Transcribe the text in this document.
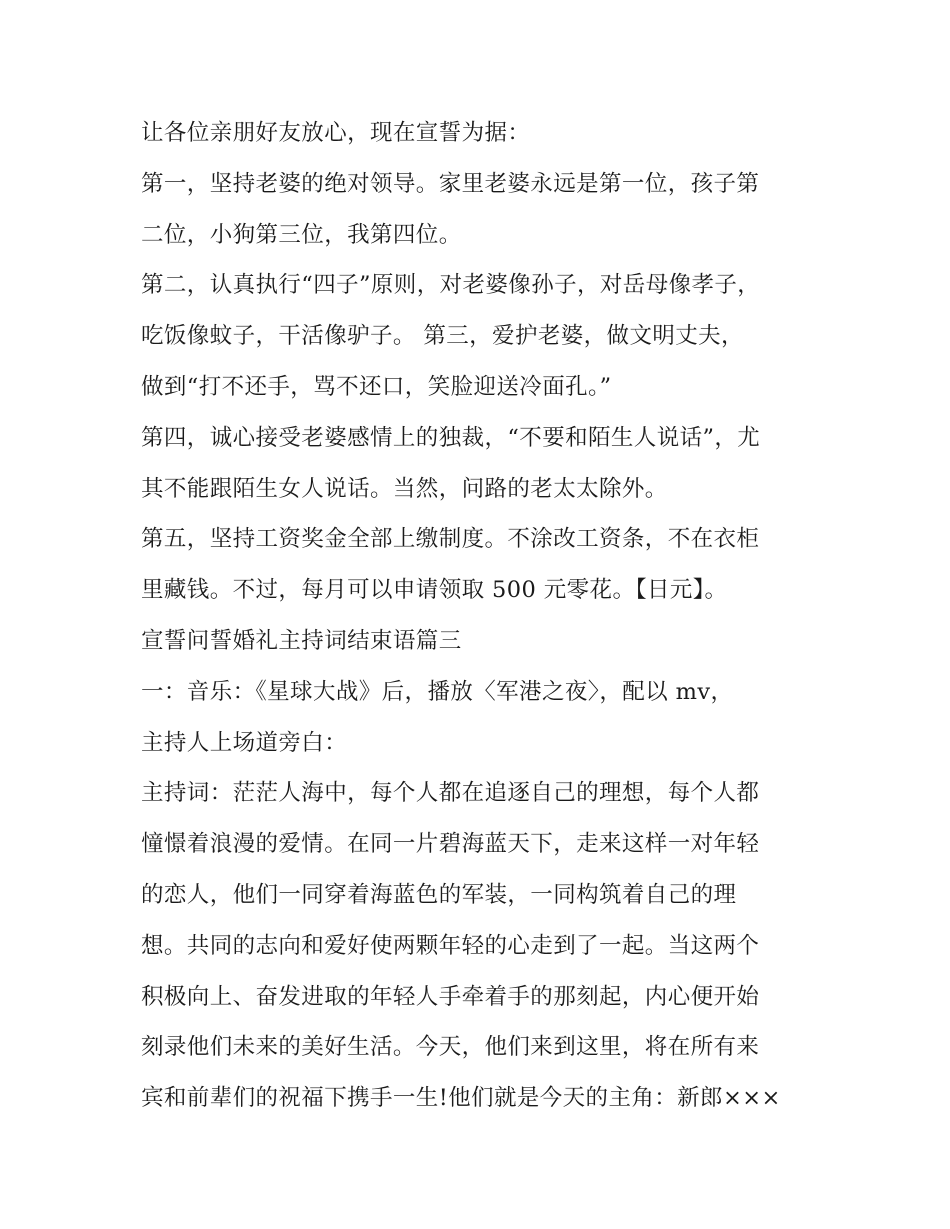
让各位亲朋好友放心，现在宣誓为据：
第一，坚持老婆的绝对领导。家里老婆永远是第一位，孩子第
二位，小狗第三位，我第四位。
第二，认真执行“四子”原则，对老婆像孙子，对岳母像孝子，
吃饭像蚊子，干活像驴子。 第三，爱护老婆，做文明丈夫，
做到“打不还手，骂不还口，笑脸迎送冷面孔。”
第四，诚心接受老婆感情上的独裁，“不要和陌生人说话”，尤
其不能跟陌生女人说话。当然，问路的老太太除外。
第五，坚持工资奖金全部上缴制度。不涂改工资条，不在衣柜
里藏钱。不过，每月可以申请领取 500 元零花。【日元】。
宣誓问誓婚礼主持词结束语篇三
一：音乐：《星球大战》后，播放〈军港之夜〉，配以 mv，
主持人上场道旁白：
主持词：茫茫人海中，每个人都在追逐自己的理想，每个人都
憧憬着浪漫的爱情。在同一片碧海蓝天下，走来这样一对年轻
的恋人，他们一同穿着海蓝色的军装，一同构筑着自己的理
想。共同的志向和爱好使两颗年轻的心走到了一起。当这两个
积极向上、奋发进取的年轻人手牵着手的那刻起，内心便开始
刻录他们未来的美好生活。今天，他们来到这里，将在所有来
宾和前辈们的祝福下携手一生!他们就是今天的主角：新郎×××
